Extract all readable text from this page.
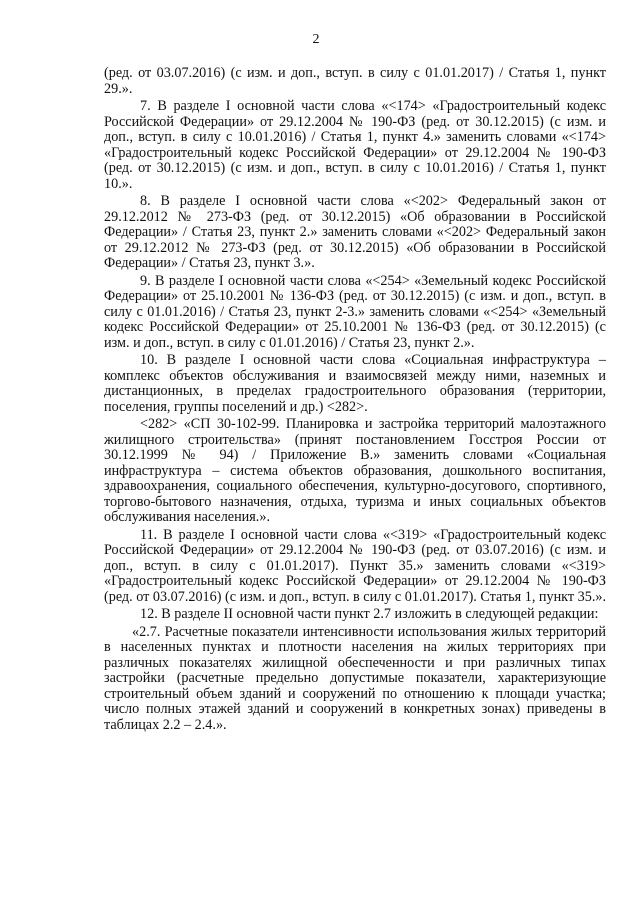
2

(ред. от 03.07.2016) (с изм. и доп., вступ. в силу с 01.01.2017) / Статья 1, пункт 29.».

7. В разделе I основной части слова «<174> «Градостроительный кодекс Российской Федерации» от 29.12.2004 № 190-ФЗ (ред. от 30.12.2015) (с изм. и доп., вступ. в силу с 10.01.2016) / Статья 1, пункт 4.» заменить словами «<174> «Градостроительный кодекс Российской Федерации» от 29.12.2004 № 190-ФЗ (ред. от 30.12.2015) (с изм. и доп., вступ. в силу с 10.01.2016) / Статья 1, пункт 10.».

8. В разделе I основной части слова «<202> Федеральный закон от 29.12.2012 № 273-ФЗ (ред. от 30.12.2015) «Об образовании в Российской Федерации» / Статья 23, пункт 2.» заменить словами «<202> Федеральный закон от 29.12.2012 № 273-ФЗ (ред. от 30.12.2015) «Об образовании в Российской Федерации» / Статья 23, пункт 3.».

9. В разделе I основной части слова «<254> «Земельный кодекс Российской Федерации» от 25.10.2001 № 136-ФЗ (ред. от 30.12.2015) (с изм. и доп., вступ. в силу с 01.01.2016) / Статья 23, пункт 2-3.» заменить словами «<254> «Земельный кодекс Российской Федерации» от 25.10.2001 № 136-ФЗ (ред. от 30.12.2015) (с изм. и доп., вступ. в силу с 01.01.2016) / Статья 23, пункт 2.».

10. В разделе I основной части слова «Социальная инфраструктура – комплекс объектов обслуживания и взаимосвязей между ними, наземных и дистанционных, в пределах градостроительного образования (территории, поселения, группы поселений и др.) <282>.

<282> «СП 30-102-99. Планировка и застройка территорий малоэтажного жилищного строительства» (принят постановлением Госстроя России от 30.12.1999 № 94) / Приложение В.» заменить словами «Социальная инфраструктура – система объектов образования, дошкольного воспитания, здравоохранения, социального обеспечения, культурно-досугового, спортивного, торгово-бытового назначения, отдыха, туризма и иных социальных объектов обслуживания населения.».

11. В разделе I основной части слова «<319> «Градостроительный кодекс Российской Федерации» от 29.12.2004 № 190-ФЗ (ред. от 03.07.2016) (с изм. и доп., вступ. в силу с 01.01.2017). Пункт 35.» заменить словами «<319> «Градостроительный кодекс Российской Федерации» от 29.12.2004 № 190-ФЗ (ред. от 03.07.2016) (с изм. и доп., вступ. в силу с 01.01.2017). Статья 1, пункт 35.».

12. В разделе II основной части пункт 2.7 изложить в следующей редакции:

«2.7. Расчетные показатели интенсивности использования жилых территорий в населенных пунктах и плотности населения на жилых территориях при различных показателях жилищной обеспеченности и при различных типах застройки (расчетные предельно допустимые показатели, характеризующие строительный объем зданий и сооружений по отношению к площади участка; число полных этажей зданий и сооружений в конкретных зонах) приведены в таблицах 2.2 – 2.4.».
